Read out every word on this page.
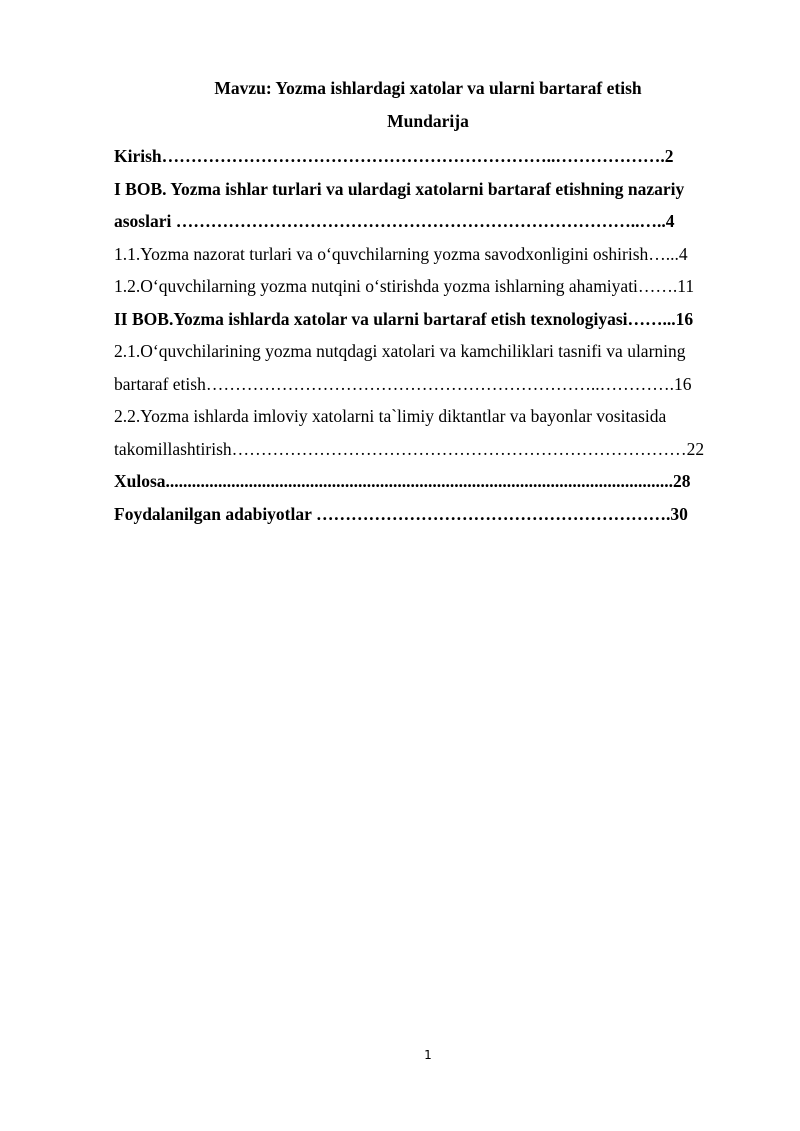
Mavzu: Yozma ishlardagi xatolar va ularni bartaraf etish
Mundarija

Kirish…………………………………………………………..……………….2

I BOB. Yozma ishlar turlari va ulardagi xatolarni bartaraf etishning nazariy

asoslari ……………………………………………………………………..…..4

1.1.Yozma nazorat turlari va o‘quvchilarning yozma savodxonligini oshirish…...4

1.2.O‘quvchilarning yozma nutqini o‘stirishda yozma ishlarning ahamiyati…….11

II BOB.Yozma ishlarda xatolar va ularni bartaraf etish texnologiyasi……...16

2.1.O‘quvchilarining yozma nutqdagi xatolari va kamchiliklari tasnifi va ularning

bartaraf etish…………………………………………………………..………….16

2.2.Yozma ishlarda imloviy xatolarni ta`limiy diktantlar va bayonlar vositasida

takomillashtirish……………………………………………………………………22

Xulosa....................................................................................................................28

Foydalanilgan adabiyotlar …………………………………………………….30

1
